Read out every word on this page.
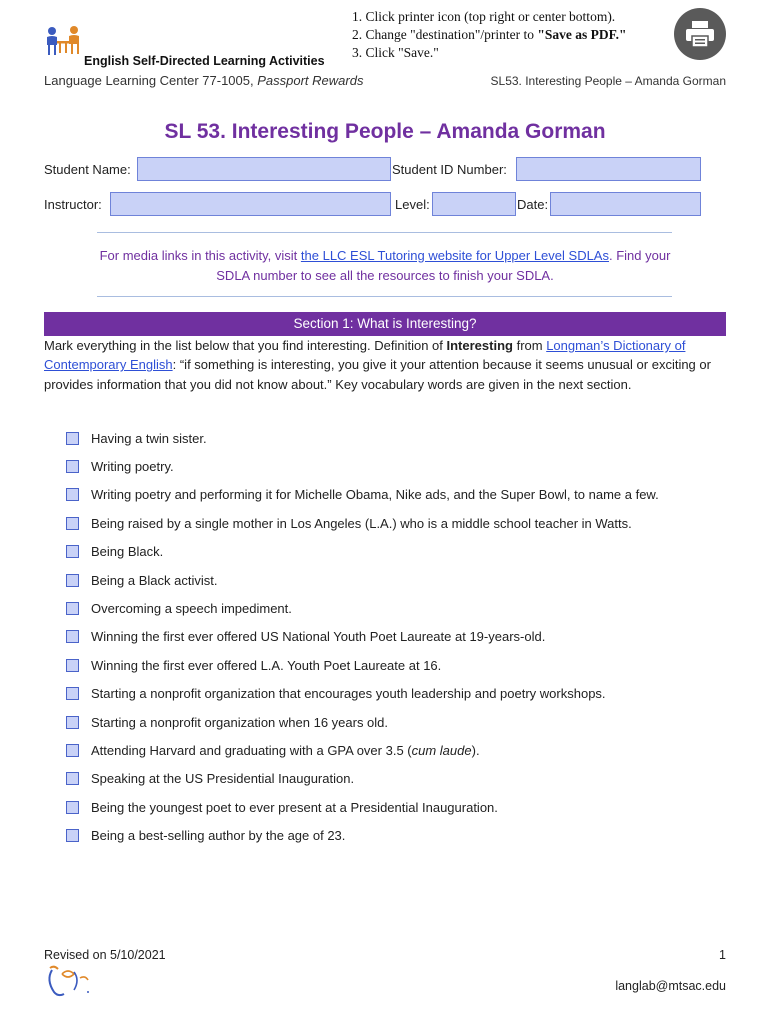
English Self-Directed Learning Activities
1. Click printer icon (top right or center bottom).
2. Change "destination"/printer to "Save as PDF."
3. Click "Save."
Language Learning Center 77-1005, Passport Rewards	SL53. Interesting People – Amanda Gorman
SL 53. Interesting People – Amanda Gorman
Student Name:	Student ID Number:
Instructor:	Level:	Date:
For media links in this activity, visit the LLC ESL Tutoring website for Upper Level SDLAs. Find your SDLA number to see all the resources to finish your SDLA.
Section 1: What is Interesting?
Mark everything in the list below that you find interesting. Definition of Interesting from Longman’s Dictionary of Contemporary English: “if something is interesting, you give it your attention because it seems unusual or exciting or provides information that you did not know about.” Key vocabulary words are given in the next section.
Having a twin sister.
Writing poetry.
Writing poetry and performing it for Michelle Obama, Nike ads, and the Super Bowl, to name a few.
Being raised by a single mother in Los Angeles (L.A.) who is a middle school teacher in Watts.
Being Black.
Being a Black activist.
Overcoming a speech impediment.
Winning the first ever offered US National Youth Poet Laureate at 19-years-old.
Winning the first ever offered L.A. Youth Poet Laureate at 16.
Starting a nonprofit organization that encourages youth leadership and poetry workshops.
Starting a nonprofit organization when 16 years old.
Attending Harvard and graduating with a GPA over 3.5 (cum laude).
Speaking at the US Presidential Inauguration.
Being the youngest poet to ever present at a Presidential Inauguration.
Being a best-selling author by the age of 23.
Revised on 5/10/2021	1
langlab@mtsac.edu
